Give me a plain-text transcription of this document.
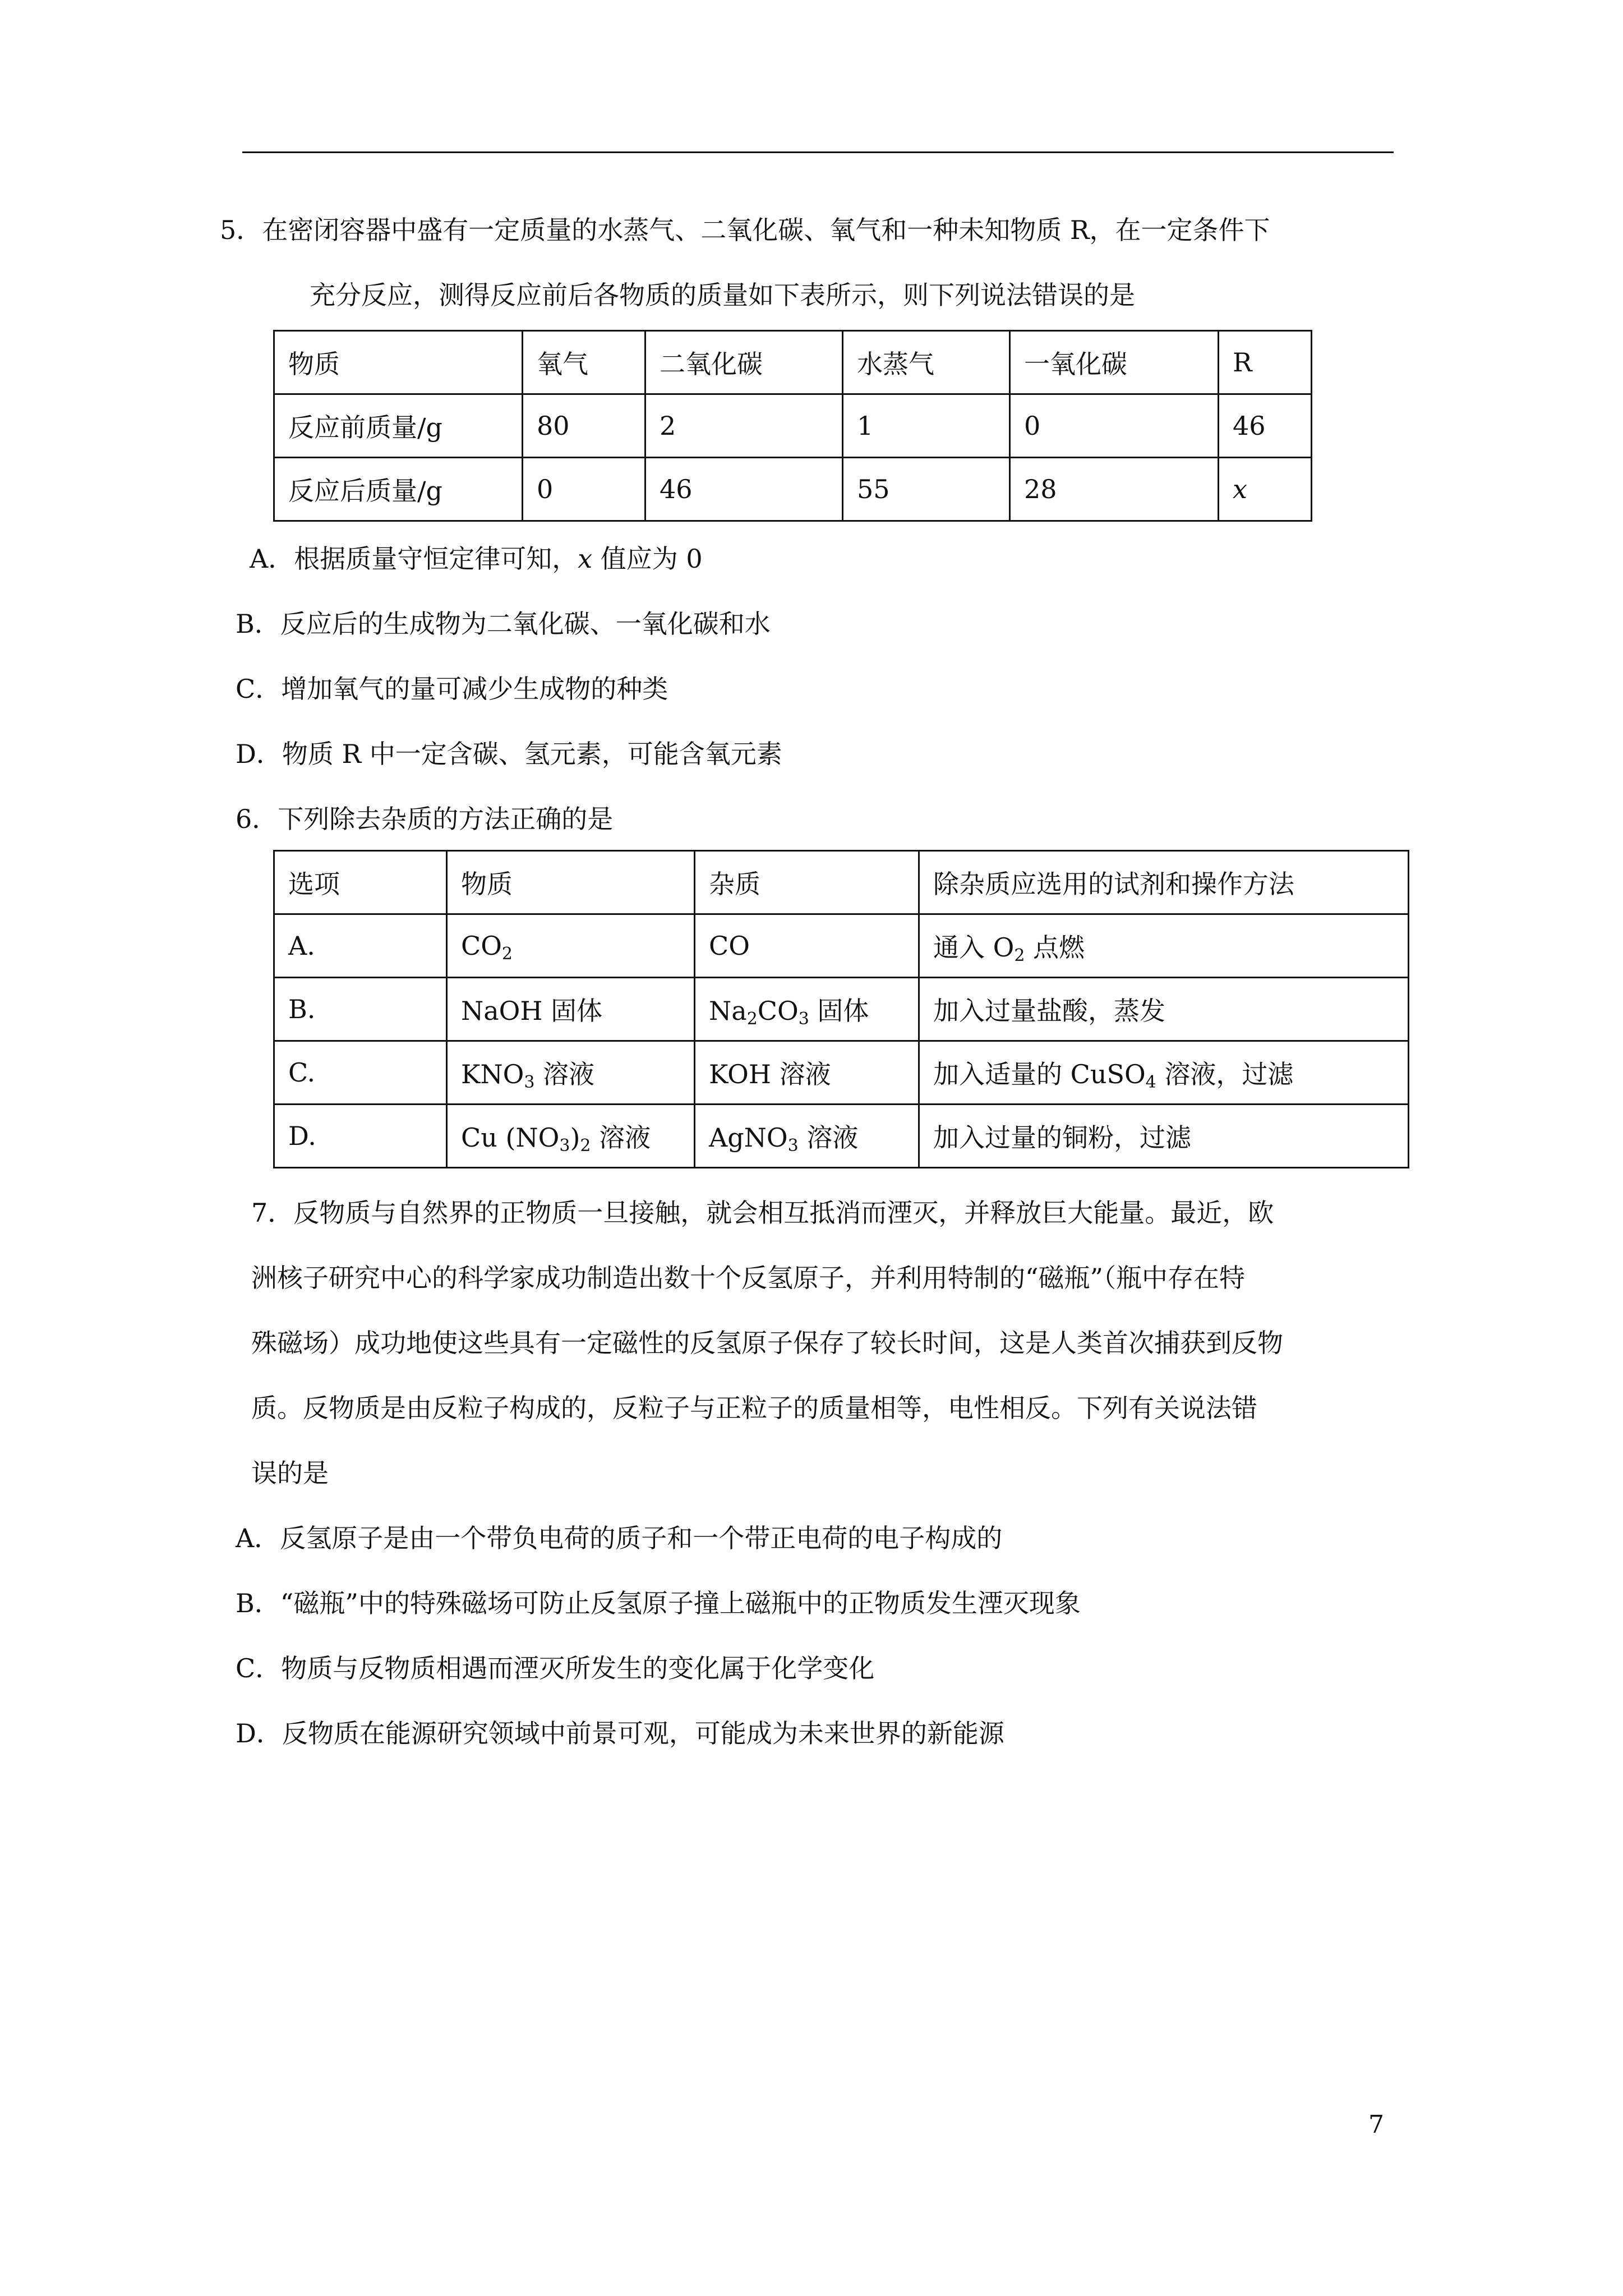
5．在密闭容器中盛有一定质量的水蒸气、二氧化碳、氧气和一种未知物质 R，在一定条件下
充分反应，测得反应前后各物质的质量如下表所示，则下列说法错误的是
物质	氧气	二氧化碳	水蒸气	一氧化碳	R
反应前质量/g	80	2	1	0	46
反应后质量/g	0	46	55	28	x
A．根据质量守恒定律可知，x 值应为 0
B．反应后的生成物为二氧化碳、一氧化碳和水
C．增加氧气的量可减少生成物的种类
D．物质 R 中一定含碳、氢元素，可能含氧元素
6．下列除去杂质的方法正确的是
选项	物质	杂质	除杂质应选用的试剂和操作方法
A.	$CO_2$	CO	通入 $O_2$ 点燃
B.	NaOH 固体	$Na_2CO_3$ 固体	加入过量盐酸，蒸发
C.	$KNO_3$ 溶液	KOH 溶液	加入适量的 CuSO$_4$ 溶液，过滤
D.	Cu $(NO_3)_2$ 溶液	AgNO$_3$ 溶液	加入过量的铜粉，过滤
7．反物质与自然界的正物质一旦接触，就会相互抵消而湮灭，并释放巨大能量。最近，欧
洲核子研究中心的科学家成功制造出数十个反氢原子，并利用特制的“磁瓶”（瓶中存在特
殊磁场）成功地使这些具有一定磁性的反氢原子保存了较长时间，这是人类首次捕获到反物
质。反物质是由反粒子构成的，反粒子与正粒子的质量相等，电性相反。下列有关说法错
误的是
A．反氢原子是由一个带负电荷的质子和一个带正电荷的电子构成的
B．“磁瓶”中的特殊磁场可防止反氢原子撞上磁瓶中的正物质发生湮灭现象
C．物质与反物质相遇而湮灭所发生的变化属于化学变化
D．反物质在能源研究领域中前景可观，可能成为未来世界的新能源
7
